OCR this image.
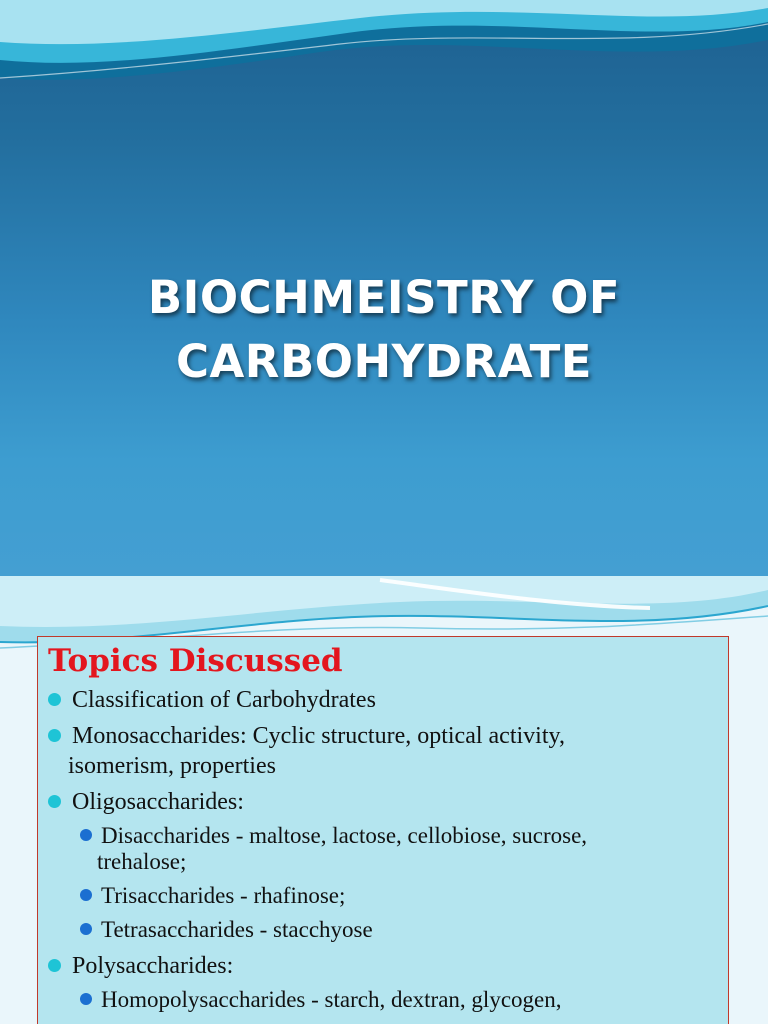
BIOCHMEISTRY OF
CARBOHYDRATE
Topics Discussed
Classification of Carbohydrates
Monosaccharides: Cyclic structure, optical activity,
isomerism, properties
Oligosaccharides:
Disaccharides - maltose, lactose, cellobiose, sucrose,
trehalose;
Trisaccharides - rhafinose;
Tetrasaccharides - stacchyose
Polysaccharides:
Homopolysaccharides - starch, dextran, glycogen,
